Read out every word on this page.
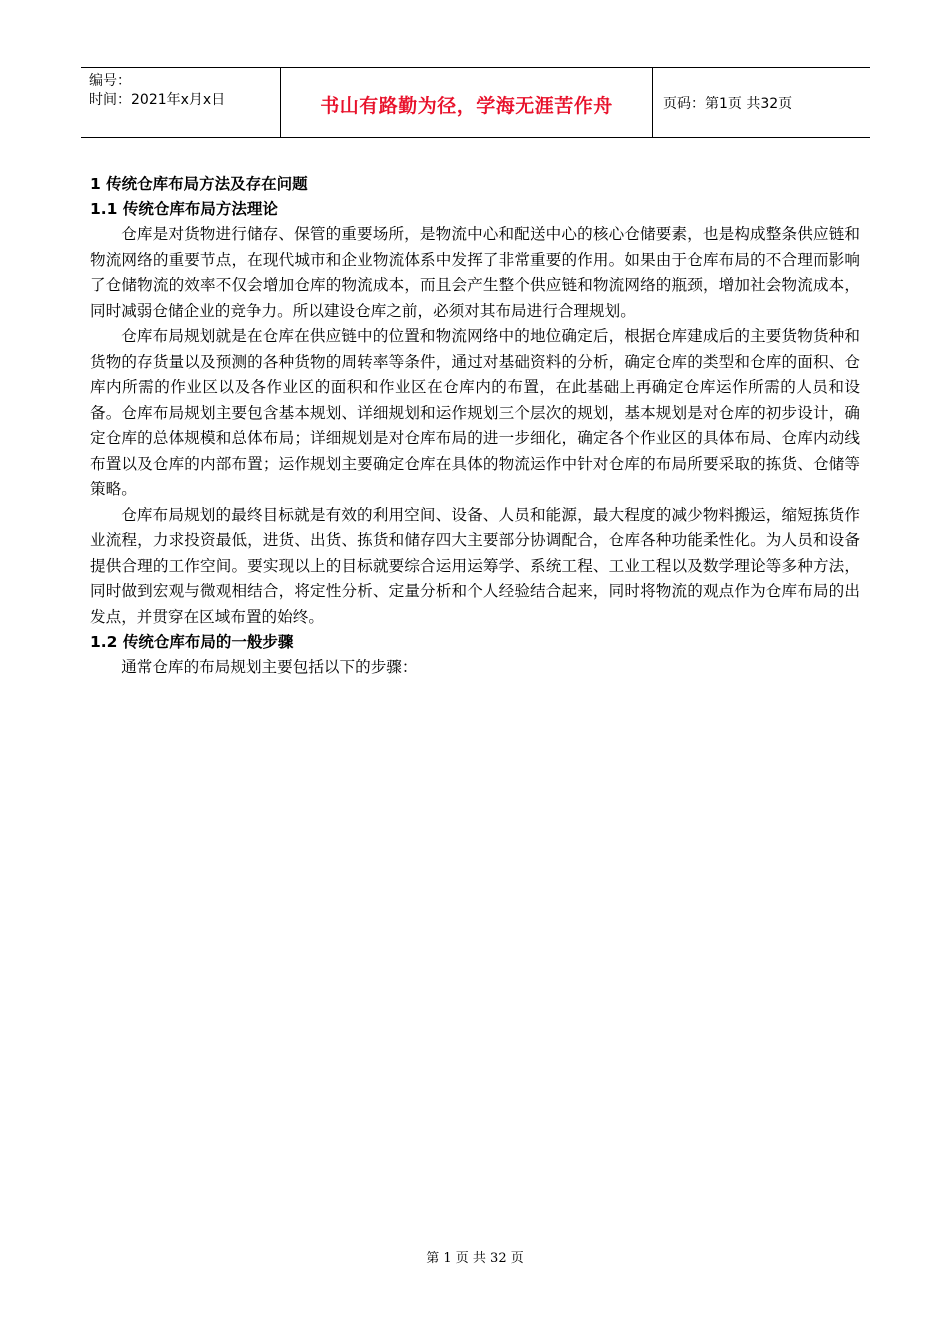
编号：
时间：2021年x月x日	书山有路勤为径，学海无涯苦作舟	页码：第1页 共32页
1 传统仓库布局方法及存在问题
1.1 传统仓库布局方法理论

仓库是对货物进行储存、保管的重要场所，是物流中心和配送中心的核心仓储要素，也是构成整条供应链和物流网络的重要节点，在现代城市和企业物流体系中发挥了非常重要的作用。如果由于仓库布局的不合理而影响了仓储物流的效率不仅会增加仓库的物流成本，而且会产生整个供应链和物流网络的瓶颈，增加社会物流成本，同时减弱仓储企业的竞争力。所以建设仓库之前，必须对其布局进行合理规划。

仓库布局规划就是在仓库在供应链中的位置和物流网络中的地位确定后，根据仓库建成后的主要货物货种和货物的存货量以及预测的各种货物的周转率等条件，通过对基础资料的分析，确定仓库的类型和仓库的面积、仓库内所需的作业区以及各作业区的面积和作业区在仓库内的布置，在此基础上再确定仓库运作所需的人员和设备。仓库布局规划主要包含基本规划、详细规划和运作规划三个层次的规划，基本规划是对仓库的初步设计，确定仓库的总体规模和总体布局；详细规划是对仓库布局的进一步细化，确定各个作业区的具体布局、仓库内动线布置以及仓库的内部布置；运作规划主要确定仓库在具体的物流运作中针对仓库的布局所要采取的拣货、仓储等策略。

仓库布局规划的最终目标就是有效的利用空间、设备、人员和能源，最大程度的减少物料搬运，缩短拣货作业流程，力求投资最低，进货、出货、拣货和储存四大主要部分协调配合，仓库各种功能柔性化。为人员和设备提供合理的工作空间。要实现以上的目标就要综合运用运筹学、系统工程、工业工程以及数学理论等多种方法，同时做到宏观与微观相结合，将定性分析、定量分析和个人经验结合起来，同时将物流的观点作为仓库布局的出发点，并贯穿在区域布置的始终。

1.2 传统仓库布局的一般步骤

通常仓库的布局规划主要包括以下的步骤：

第 1 页 共 32 页
